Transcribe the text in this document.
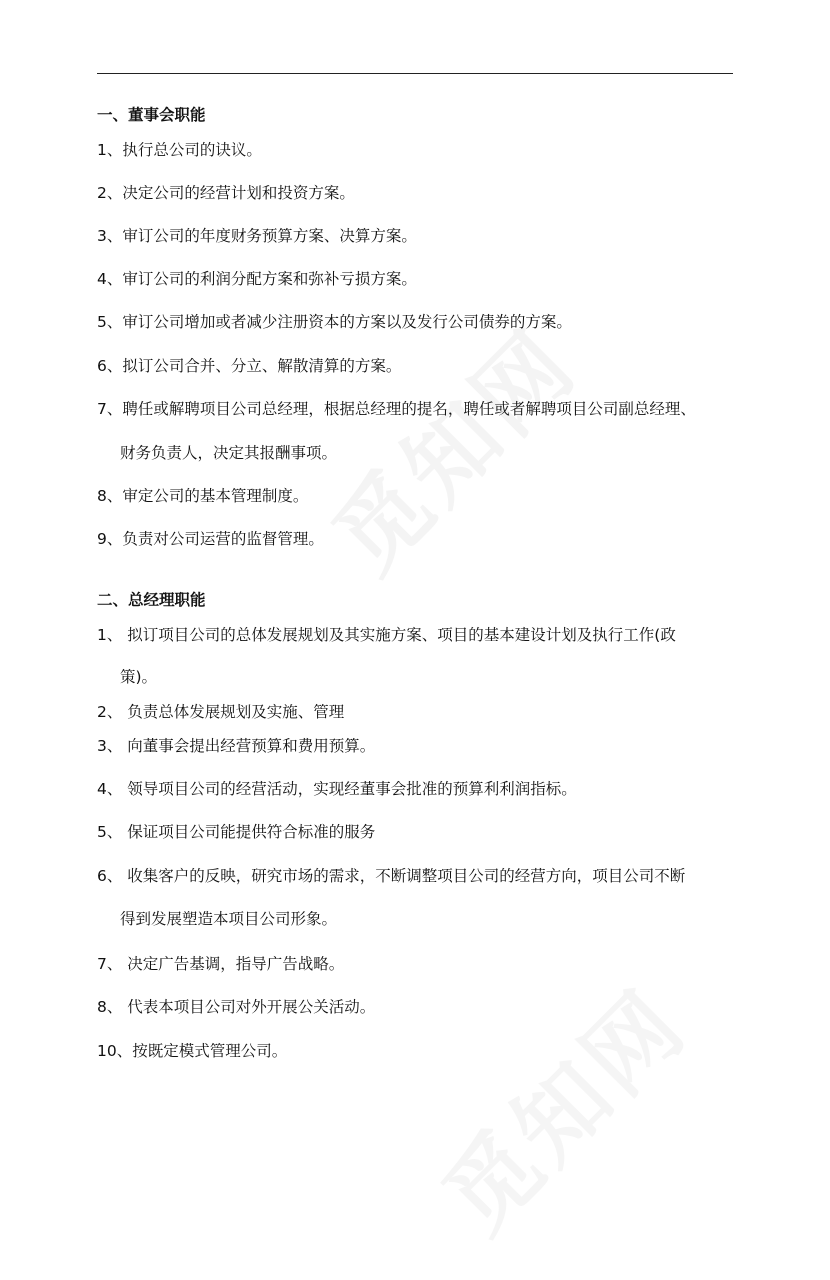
一、董事会职能
1、执行总公司的诀议。
2、决定公司的经营计划和投资方案。
3、审订公司的年度财务预算方案、决算方案。
4、审订公司的利润分配方案和弥补亏损方案。
5、审订公司增加或者减少注册资本的方案以及发行公司债券的方案。
6、拟订公司合并、分立、解散清算的方案。
7、聘任或解聘项目公司总经理，根据总经理的提名，聘任或者解聘项目公司副总经理、
财务负责人，决定其报酬事项。
8、审定公司的基本管理制度。
9、负责对公司运营的监督管理。
二、总经理职能
1、 拟订项目公司的总体发展规划及其实施方案、项目的基本建设计划及执行工作(政
策)。
2、 负责总体发展规划及实施、管理
3、 向董事会提出经营预算和费用预算。
4、 领导项目公司的经营活动，实现经董事会批准的预算利利润指标。
5、 保证项目公司能提供符合标准的服务
6、 收集客户的反映，研究市场的需求，不断调整项目公司的经营方向，项目公司不断
得到发展塑造本项目公司形象。
7、 决定广告基调，指导广告战略。
8、 代表本项目公司对外开展公关活动。
10、按既定模式管理公司。
